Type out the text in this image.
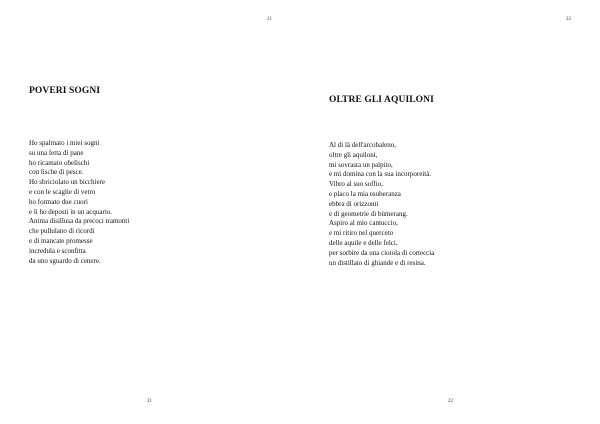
21
POVERI SOGNI
Ho spalmato i miei sogni
su una fetta di pane
ho ricamato obelischi
con lische di pesce.
Ho sbriciolato un bicchiere
e con le scaglie di vetro
ho formato due cuori
e li ho deposti in un acquario.
Anima disillusa da precoci tramonti
che pullulano di ricordi
e di mancate promesse
incredula e sconfitta
da uno sguardo di cenere.
21
22
OLTRE GLI AQUILONI
Al di là dell'arcobaleno,
oltre gli aquiloni,
mi sovrasta un palpito,
e mi domina con la sua incorporeità.
Vibro al suo soffio,
e placo la mia esuberanza
ebbra di orizzonti
e di geometrie di bùmerang.
Aspiro al mio cantuccio,
e mi ritiro nel querceto
delle aquile e delle felci,
per sorbire da una ciotola di corteccia
un distillato di ghiande e di resina.
22
